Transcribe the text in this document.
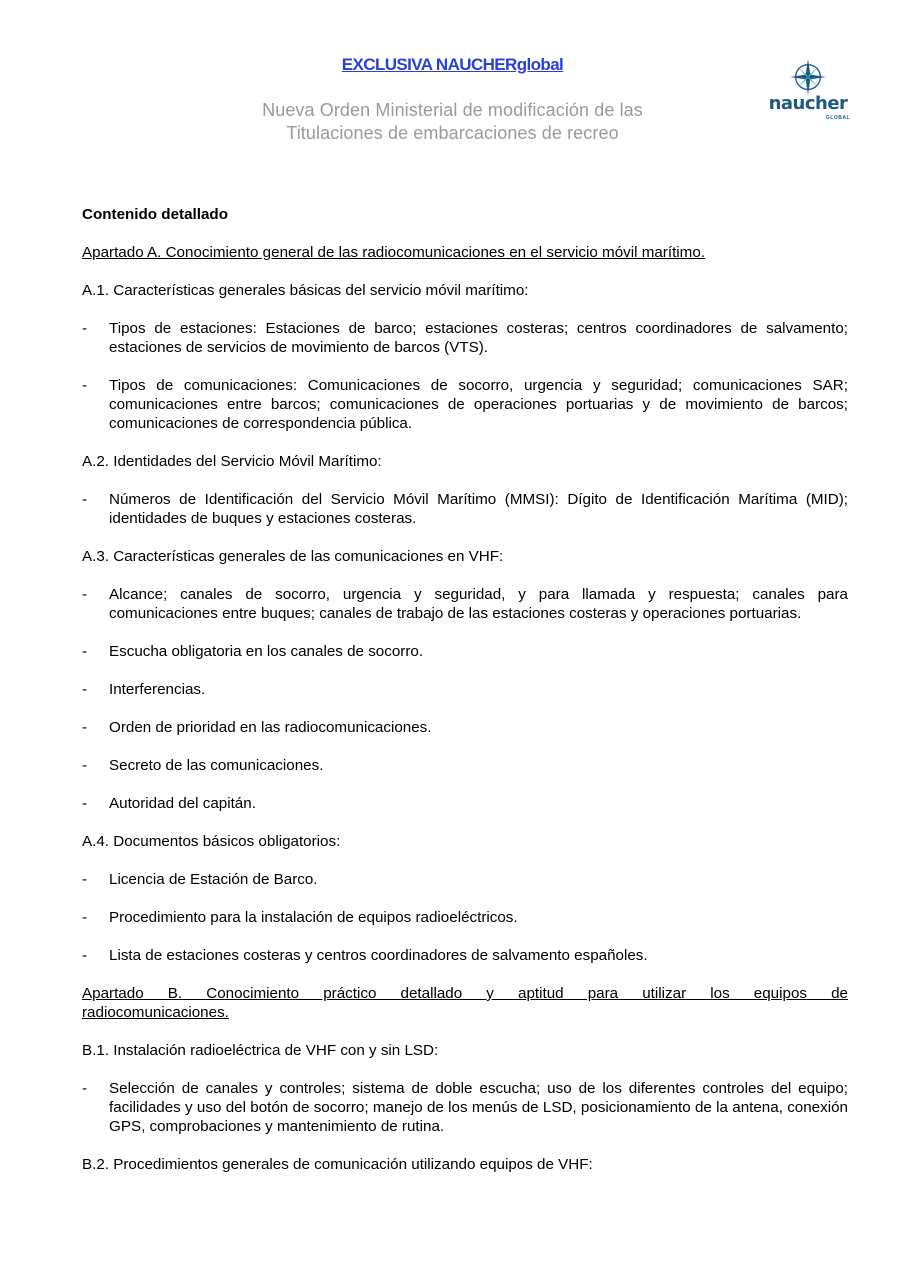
EXCLUSIVA NAUCHERglobal
Nueva Orden Ministerial de modificación de las
Titulaciones de embarcaciones de recreo
naucher
GLOBAL

Contenido detallado

Apartado A. Conocimiento general de las radiocomunicaciones en el servicio móvil marítimo.

A.1. Características generales básicas del servicio móvil marítimo:

-	Tipos de estaciones: Estaciones de barco; estaciones costeras; centros coordinadores de salvamento; estaciones de servicios de movimiento de barcos (VTS).
-	Tipos de comunicaciones: Comunicaciones de socorro, urgencia y seguridad; comunicaciones SAR; comunicaciones entre barcos; comunicaciones de operaciones portuarias y de movimiento de barcos; comunicaciones de correspondencia pública.

A.2. Identidades del Servicio Móvil Marítimo:

-	Números de Identificación del Servicio Móvil Marítimo (MMSI): Dígito de Identificación Marítima (MID); identidades de buques y estaciones costeras.

A.3. Características generales de las comunicaciones en VHF:

-	Alcance; canales de socorro, urgencia y seguridad, y para llamada y respuesta; canales para comunicaciones entre buques; canales de trabajo de las estaciones costeras y operaciones portuarias.
-	Escucha obligatoria en los canales de socorro.
-	Interferencias.
-	Orden de prioridad en las radiocomunicaciones.
-	Secreto de las comunicaciones.
-	Autoridad del capitán.

A.4. Documentos básicos obligatorios:

-	Licencia de Estación de Barco.
-	Procedimiento para la instalación de equipos radioeléctricos.
-	Lista de estaciones costeras y centros coordinadores de salvamento españoles.
Apartado B. Conocimiento práctico detallado y aptitud para utilizar los equipos de
radiocomunicaciones.

B.1. Instalación radioeléctrica de VHF con y sin LSD:

-	Selección de canales y controles; sistema de doble escucha; uso de los diferentes controles del equipo; facilidades y uso del botón de socorro; manejo de los menús de LSD, posicionamiento de la antena, conexión GPS, comprobaciones y mantenimiento de rutina.

B.2. Procedimientos generales de comunicación utilizando equipos de VHF:
